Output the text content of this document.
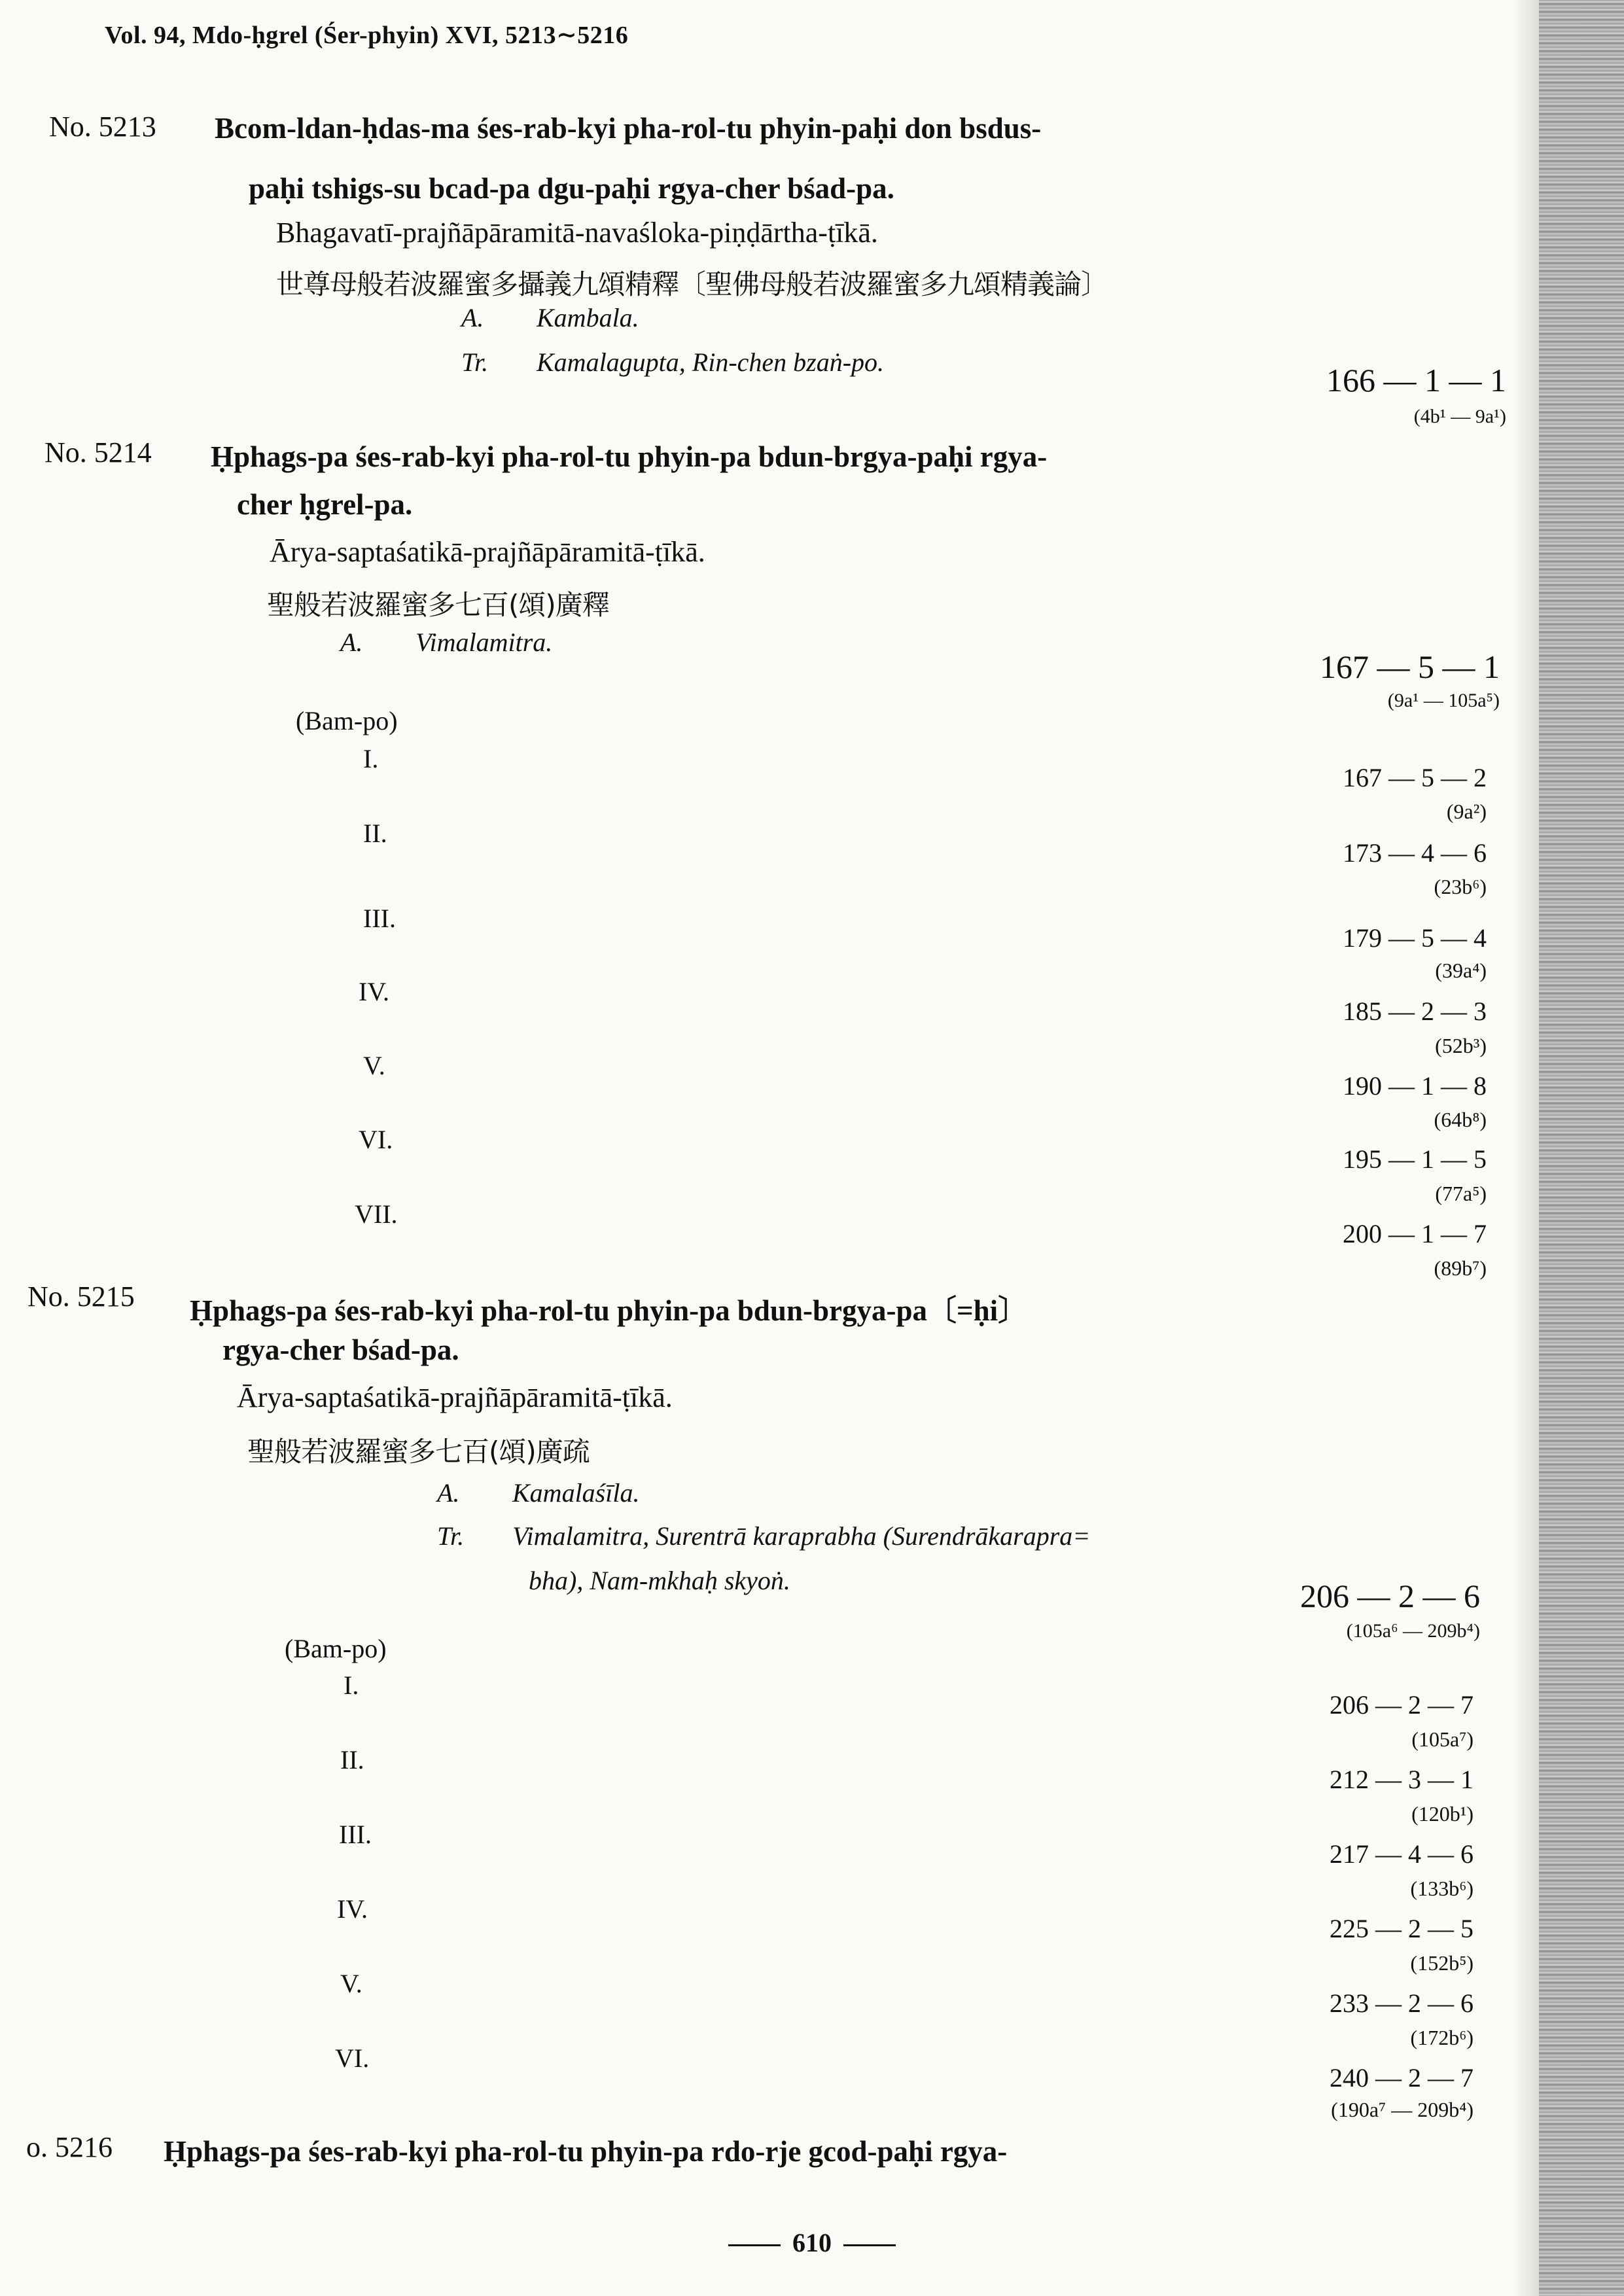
Vol. 94, Mdo-ḥgrel (Śer-phyin) XVI, 5213∼5216
No. 5213 Bcom-ldan-ḥdas-ma śes-rab-kyi pha-rol-tu phyin-paḥi don bsdus-
paḥi tshigs-su bcad-pa dgu-paḥi rgya-cher bśad-pa.
Bhagavatī-prajñāpāramitā-navaśloka-piṇḍārtha-ṭīkā.
世尊母般若波羅蜜多攝義九頌精釋〔聖佛母般若波羅蜜多九頌精義論〕
A. Kambala.
Tr. Kamalagupta, Rin-chen bzaṅ-po.	166 — 1 — 1
(4b¹ — 9a¹)
No. 5214 Ḥphags-pa śes-rab-kyi pha-rol-tu phyin-pa bdun-brgya-paḥi rgya-
cher ḥgrel-pa.
Ārya-saptaśatikā-prajñāpāramitā-ṭīkā.
聖般若波羅蜜多七百(頌)廣釋
A. Vimalamitra.
167 — 5 — 1
(9a¹ — 105a⁵)
(Bam-po)
I.
167 — 5 — 2
(9a²)
II.
173 — 4 — 6
(23b⁶)
III.
179 — 5 — 4
(39a⁴)
IV.
185 — 2 — 3
(52b³)
V.
190 — 1 — 8
(64b⁸)
VI.
195 — 1 — 5
(77a⁵)
VII.
200 — 1 — 7
(89b⁷)
No. 5215 Ḥphags-pa śes-rab-kyi pha-rol-tu phyin-pa bdun-brgya-pa〔=ḥi〕
rgya-cher bśad-pa.
Ārya-saptaśatikā-prajñāpāramitā-ṭīkā.
聖般若波羅蜜多七百(頌)廣疏
A. Kamalaśīla.
Tr. Vimalamitra, Surentrā karaprabha (Surendrākarapra=
bha), Nam-mkhaḥ skyoṅ.	206 — 2 — 6
(105a⁶ — 209b⁴)
(Bam-po)
I.
206 — 2 — 7
(105a⁷)
II.
212 — 3 — 1
(120b¹)
III.
217 — 4 — 6
(133b⁶)
IV.
225 — 2 — 5
(152b⁵)
V.
233 — 2 — 6
(172b⁶)
VI.
240 — 2 — 7
(190a⁷ — 209b⁴)
o. 5216 Ḥphags-pa śes-rab-kyi pha-rol-tu phyin-pa rdo-rje gcod-paḥi rgya-
610
